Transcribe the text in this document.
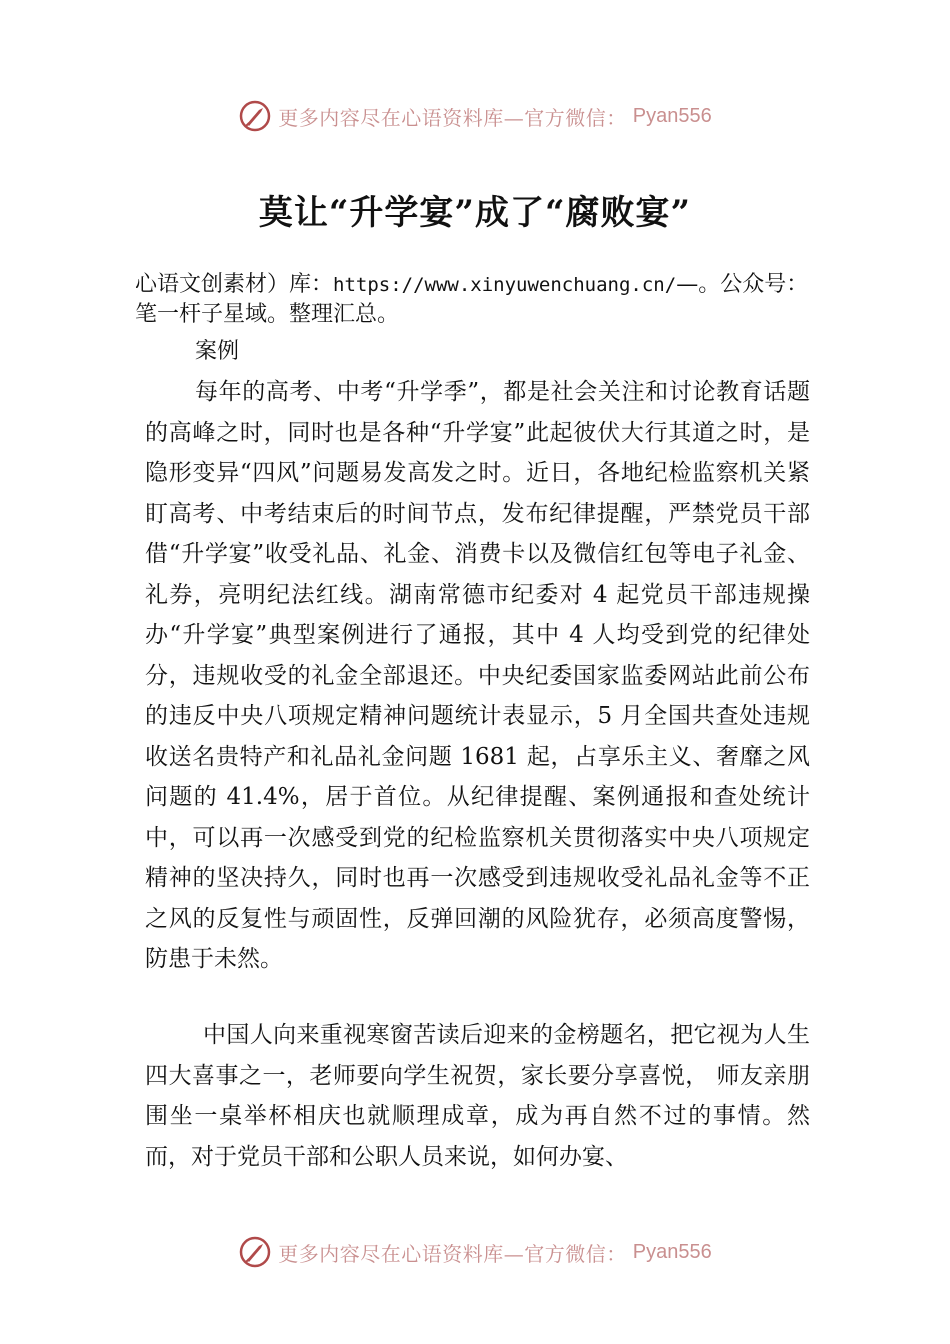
更多内容尽在心语资料库—官方微信： Pyan556
莫让“升学宴”成了“腐败宴”

心语文创素材）库：https://www.xinyuwenchuang.cn/—。公众号：笔一杆子星域。整理汇总。

案例

每年的高考、中考“升学季”，都是社会关注和讨论教育话题的高峰之时，同时也是各种“升学宴”此起彼伏大行其道之时，是隐形变异“四风”问题易发高发之时。近日，各地纪检监察机关紧盯高考、中考结束后的时间节点，发布纪律提醒，严禁党员干部借“升学宴”收受礼品、礼金、消费卡以及微信红包等电子礼金、礼券，亮明纪法红线。湖南常德市纪委对 4 起党员干部违规操办“升学宴”典型案例进行了通报，其中 4 人均受到党的纪律处分，违规收受的礼金全部退还。中央纪委国家监委网站此前公布的违反中央八项规定精神问题统计表显示，5 月全国共查处违规收送名贵特产和礼品礼金问题 1681 起，占享乐主义、奢靡之风问题的 41.4%，居于首位。从纪律提醒、案例通报和查处统计中，可以再一次感受到党的纪检监察机关贯彻落实中央八项规定精神的坚决持久，同时也再一次感受到违规收受礼品礼金等不正之风的反复性与顽固性，反弹回潮的风险犹存，必须高度警惕，防患于未然。

中国人向来重视寒窗苦读后迎来的金榜题名，把它视为人生四大喜事之一，老师要向学生祝贺，家长要分享喜悦， 师友亲朋围坐一桌举杯相庆也就顺理成章，成为再自然不过的事情。然而，对于党员干部和公职人员来说，如何办宴、

更多内容尽在心语资料库—官方微信： Pyan556
